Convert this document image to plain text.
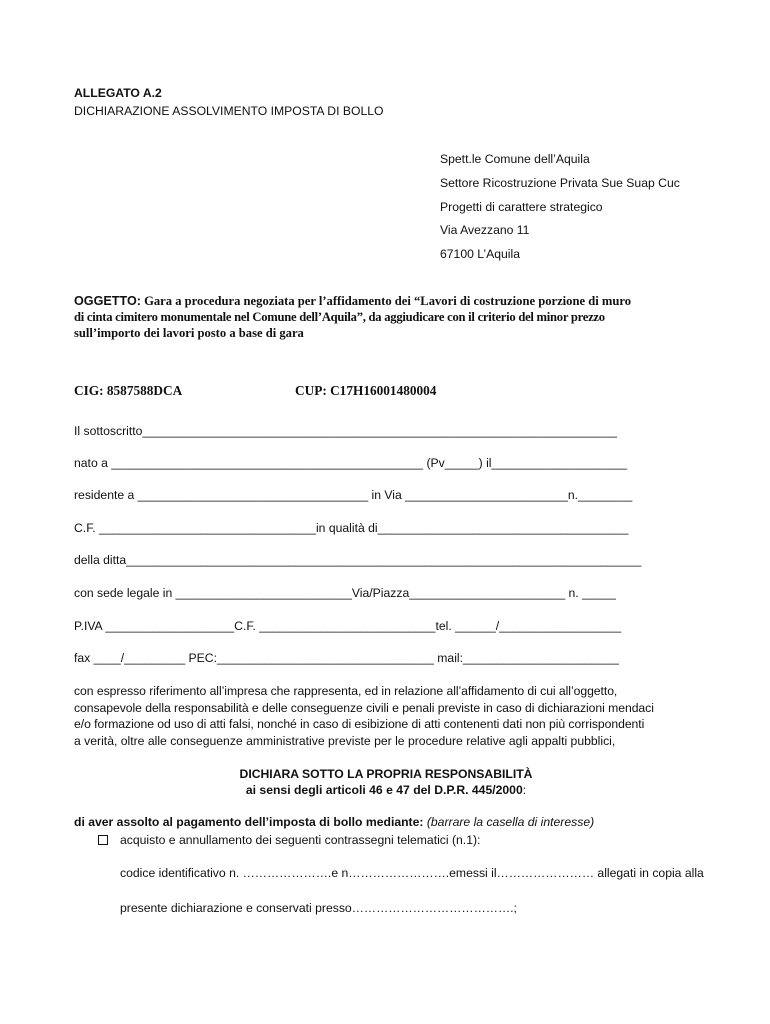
ALLEGATO A.2
DICHIARAZIONE ASSOLVIMENTO IMPOSTA DI BOLLO
Spett.le Comune dell’Aquila
Settore Ricostruzione Privata Sue Suap Cuc
Progetti di carattere strategico
Via Avezzano 11
67100 L’Aquila
OGGETTO: Gara a procedura negoziata per l’affidamento dei “Lavori di costruzione porzione di muro
di cinta cimitero monumentale nel Comune dell’Aquila”, da aggiudicare con il criterio del minor prezzo
sull’importo dei lavori posto a base di gara
CIG: 8587588DCA	CUP: C17H16001480004
Il sottoscritto______________________________________________________________________
nato a ______________________________________________ (Pv_____) il____________________
residente a __________________________________ in Via ________________________n.________
C.F. ________________________________in qualità di_____________________________________
della ditta____________________________________________________________________________
con sede legale in __________________________Via/Piazza_______________________ n. _____
P.IVA ___________________C.F. __________________________tel. ______/__________________
fax ____/_________ PEC:________________________________ mail:_______________________
con espresso riferimento all’impresa che rappresenta, ed in relazione all’affidamento di cui all’oggetto,
consapevole della responsabilità e delle conseguenze civili e penali previste in caso di dichiarazioni mendaci
e/o formazione od uso di atti falsi, nonché in caso di esibizione di atti contenenti dati non più corrispondenti
a verità, oltre alle conseguenze amministrative previste per le procedure relative agli appalti pubblici,
DICHIARA SOTTO LA PROPRIA RESPONSABILITÀ
ai sensi degli articoli 46 e 47 del D.P.R. 445/2000:
di aver assolto al pagamento dell’imposta di bollo mediante: (barrare la casella di interesse)
acquisto e annullamento dei seguenti contrassegni telematici (n.1):
codice identificativo n. ………………….e n…………………….emessi il…………………… allegati in copia alla
presente dichiarazione e conservati presso………………………………….;
